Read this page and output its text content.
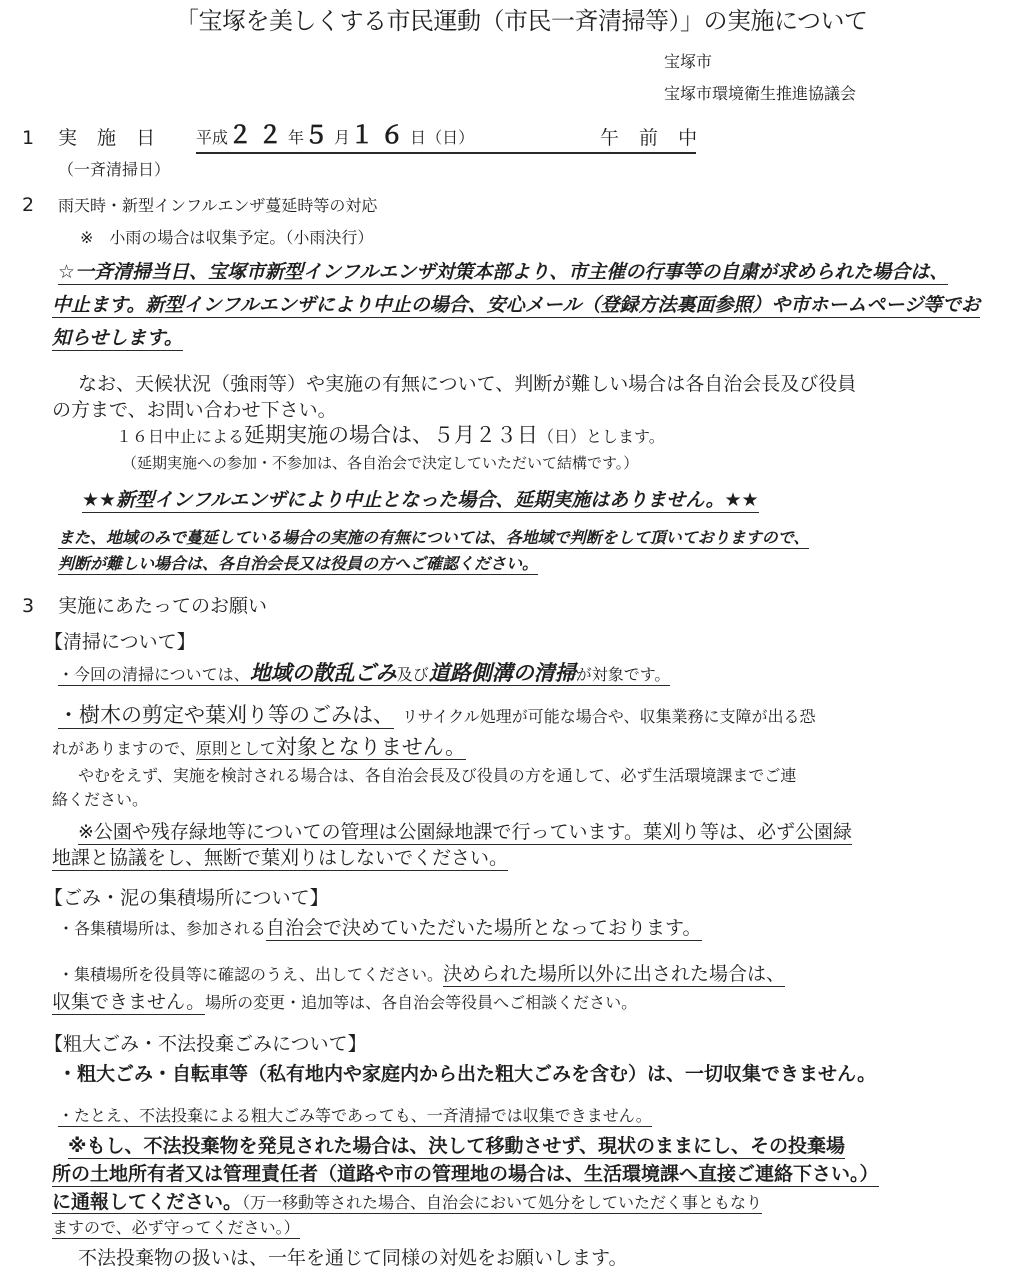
「宝塚を美しくする市民運動（市民一斉清掃等）」の実施について
宝塚市
宝塚市環境衛生推進協議会
1 実 施 日 平成２２年５月１６日（日）	午 前 中
（一斉清掃日）
2 雨天時・新型インフルエンザ蔓延時等の対応
※　小雨の場合は収集予定。（小雨決行）
☆一斉清掃当日、宝塚市新型インフルエンザ対策本部より、市主催の行事等の自粛が求められた場合は、
中止ます。新型インフルエンザにより中止の場合、安心メール（登録方法裏面参照）や市ホームページ等でお
知らせします。
なお、天候状況（強雨等）や実施の有無について、判断が難しい場合は各自治会長及び役員
の方まで、お問い合わせ下さい。
１６日中止による延期実施の場合は、５月２３日（日）とします。
（延期実施への参加・不参加は、各自治会で決定していただいて結構です。）
★★新型インフルエンザにより中止となった場合、延期実施はありません。★★
また、地域のみで蔓延している場合の実施の有無については、各地域で判断をして頂いておりますので、
判断が難しい場合は、各自治会長又は役員の方へご確認ください。
3 実施にあたってのお願い
【清掃について】
・今回の清掃については、地域の散乱ごみ及び道路側溝の清掃が対象です。
・樹木の剪定や葉刈り等のごみは、 リサイクル処理が可能な場合や、収集業務に支障が出る恐
れがありますので、原則として対象となりません。
やむをえず、実施を検討される場合は、各自治会長及び役員の方を通して、必ず生活環境課までご連
絡ください。
※公園や残存緑地等についての管理は公園緑地課で行っています。葉刈り等は、必ず公園緑
地課と協議をし、無断で葉刈りはしないでください。
【ごみ・泥の集積場所について】
・各集積場所は、参加される自治会で決めていただいた場所となっております。
・集積場所を役員等に確認のうえ、出してください。決められた場所以外に出された場合は、
収集できません。場所の変更・追加等は、各自治会等役員へご相談ください。
【粗大ごみ・不法投棄ごみについて】
・粗大ごみ・自転車等（私有地内や家庭内から出た粗大ごみを含む）は、一切収集できません。
・たとえ、不法投棄による粗大ごみ等であっても、一斉清掃では収集できません。
※もし、不法投棄物を発見された場合は、決して移動させず、現状のままにし、その投棄場
所の土地所有者又は管理責任者（道路や市の管理地の場合は、生活環境課へ直接ご連絡下さい。）
に通報してください。（万一移動等された場合、自治会において処分をしていただく事ともなり
ますので、必ず守ってください。）
不法投棄物の扱いは、一年を通じて同様の対処をお願いします。
